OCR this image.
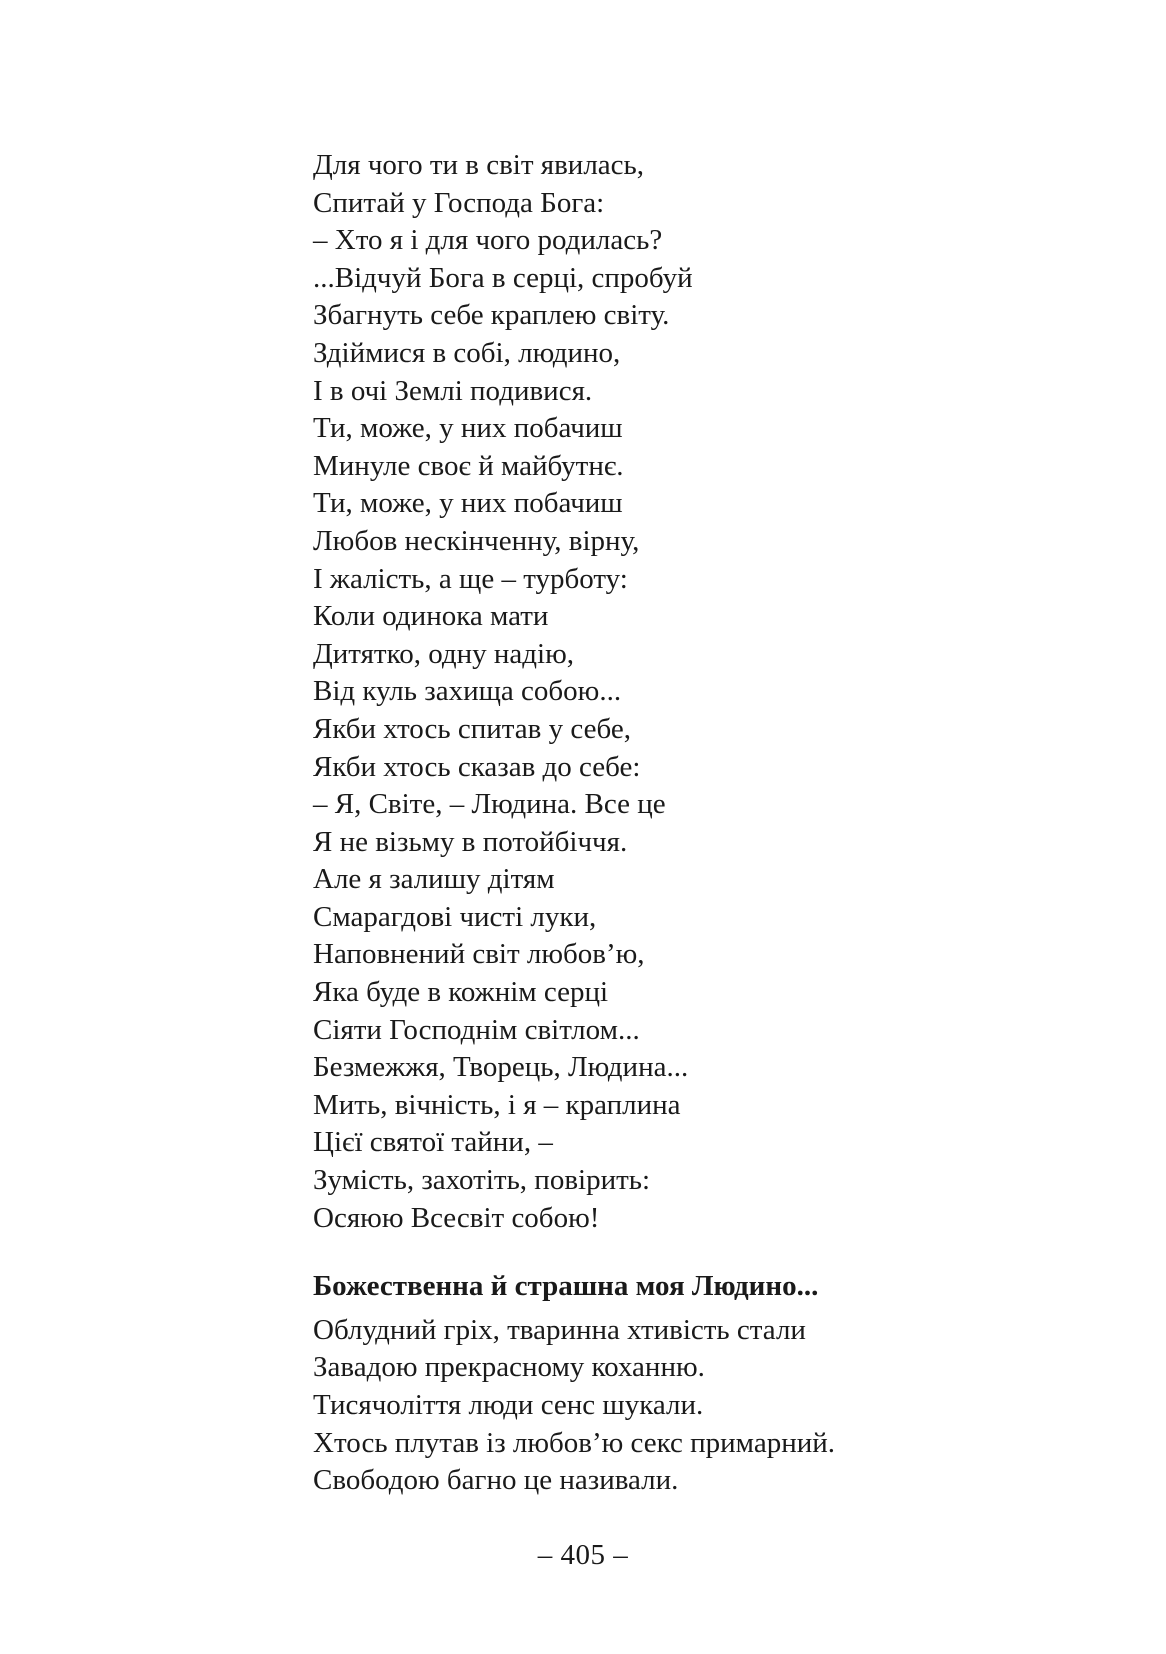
Для чого ти в світ явилась,
Спитай у Господа Бога:
– Хто я і для чого родилась?
...Відчуй Бога в серці, спробуй
Збагнуть себе краплею світу.
Здіймися в собі, людино,
І в очі Землі подивися.
Ти, може, у них побачиш
Минуле своє й майбутнє.
Ти, може, у них побачиш
Любов нескінченну, вірну,
І жалість, а ще – турботу:
Коли одинока мати
Дитятко, одну надію,
Від куль захища собою...
Якби хтось спитав у себе,
Якби хтось сказав до себе:
– Я, Світе, – Людина. Все це
Я не візьму в потойбіччя.
Але я залишу дітям
Смарагдові чисті луки,
Наповнений світ любов’ю,
Яка буде в кожнім серці
Сіяти Господнім світлом...
Безмежжя, Творець, Людина...
Мить, вічність, і я – краплина
Цієї святої тайни, –
Зумість, захотіть, повірить:
Осяюю Всесвіт собою!
Божественна й страшна моя Людино...
Облудний гріх, тваринна хтивість стали
Завадою прекрасному коханню.
Тисячоліття люди сенс шукали.
Хтось плутав із любов’ю секс примарний.
Свободою багно це називали.
– 405 –
